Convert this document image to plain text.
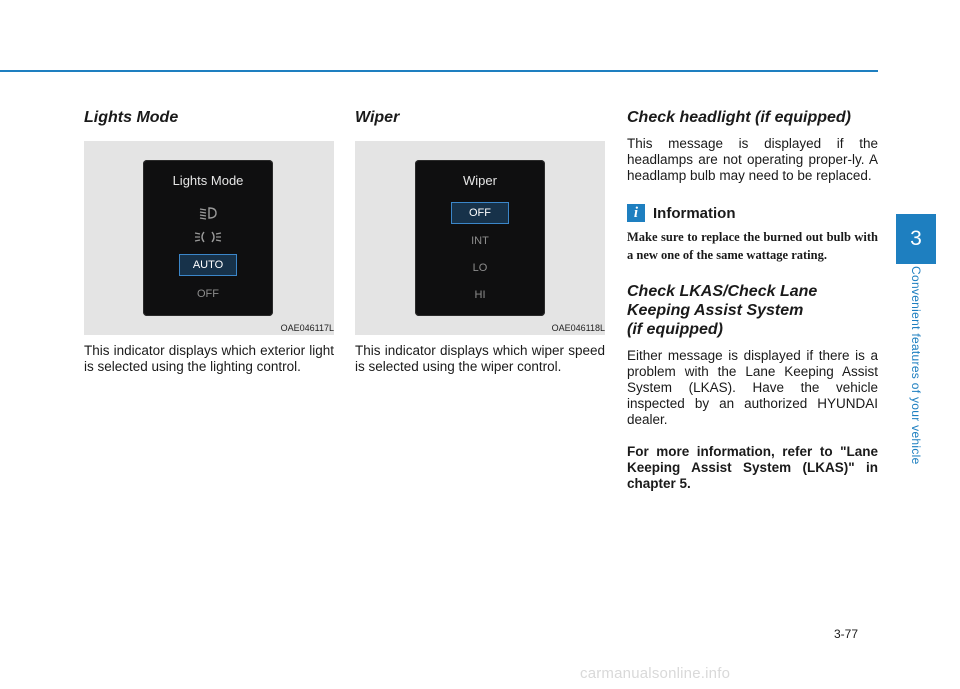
Lights Mode
Lights Mode
AUTO
OFF
OAE046117L

This indicator displays which exterior light is selected using the lighting control.

Wiper
Wiper
OFF
INT
LO
HI
OAE046118L

This indicator displays which wiper speed is selected using the wiper control.

Check headlight (if equipped)

This message is displayed if the headlamps are not operating proper-ly. A headlamp bulb may need to be replaced.

i Information
Make sure to replace the burned out bulb with a new one of the same wattage rating.
Check LKAS/Check Lane
Keeping Assist System
(if equipped)

Either message is displayed if there is a problem with the Lane Keeping Assist System (LKAS). Have the vehicle inspected by an authorized HYUNDAI dealer.

For more information, refer to "Lane Keeping Assist System (LKAS)" in chapter 5.

3
Convenient features of your vehicle
3-77
carmanualsonline.info
